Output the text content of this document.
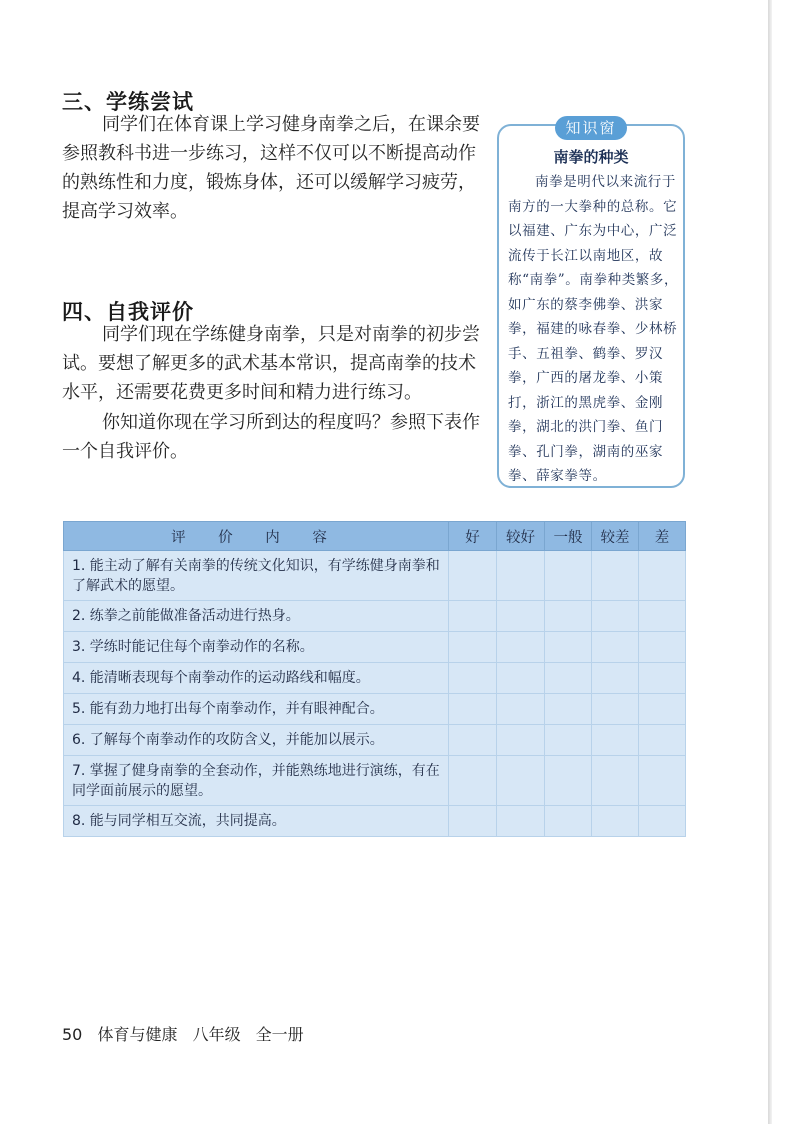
三、学练尝试

同学们在体育课上学习健身南拳之后，在课余要参照教科书进一步练习，这样不仅可以不断提高动作的熟练性和力度，锻炼身体，还可以缓解学习疲劳，提高学习效率。

四、自我评价

同学们现在学练健身南拳，只是对南拳的初步尝试。要想了解更多的武术基本常识，提高南拳的技术水平，还需要花费更多时间和精力进行练习。

你知道你现在学习所到达的程度吗？参照下表作一个自我评价。

知识窗
南拳的种类

南拳是明代以来流行于南方的一大拳种的总称。它以福建、广东为中心，广泛流传于长江以南地区，故称“南拳”。南拳种类繁多，如广东的蔡李佛拳、洪家拳，福建的咏春拳、少林桥手、五祖拳、鹤拳、罗汉拳，广西的屠龙拳、小策打，浙江的黑虎拳、金刚拳，湖北的洪门拳、鱼门拳、孔门拳，湖南的巫家拳、薛家拳等。

评 价 内 容	好	较好	一般	较差	差
1. 能主动了解有关南拳的传统文化知识，有学练健身南拳和了解武术的愿望。					
2. 练拳之前能做准备活动进行热身。					
3. 学练时能记住每个南拳动作的名称。					
4. 能清晰表现每个南拳动作的运动路线和幅度。					
5. 能有劲力地打出每个南拳动作，并有眼神配合。					
6. 了解每个南拳动作的攻防含义，并能加以展示。					
7. 掌握了健身南拳的全套动作，并能熟练地进行演练，有在同学面前展示的愿望。					
8. 能与同学相互交流，共同提高。					
50 体育与健康 八年级 全一册
